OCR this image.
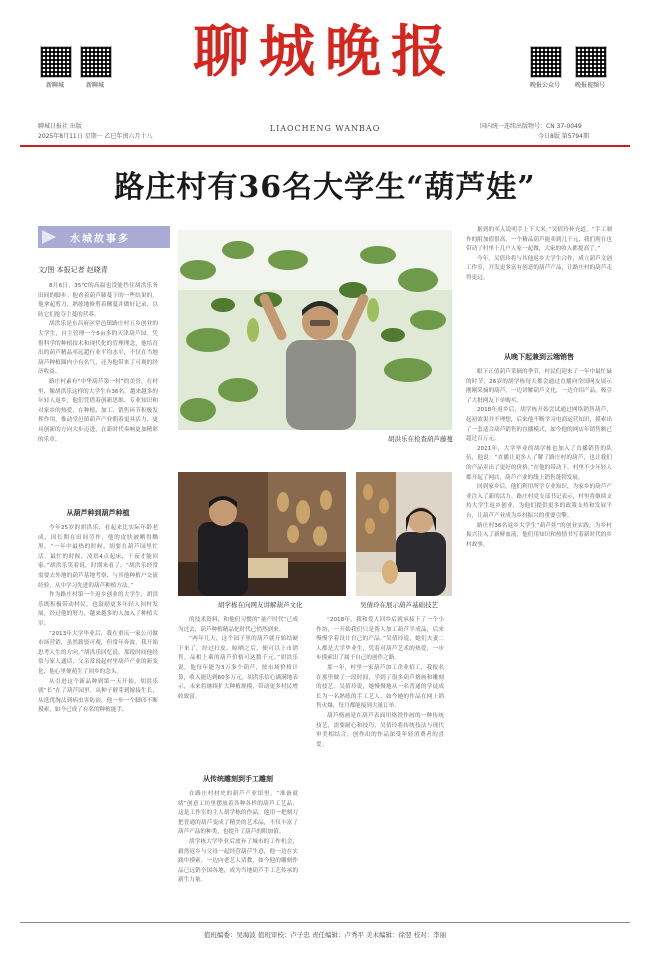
新聊城	新聊城
聊城晚报
晚报公众号	晚报视频号
聊城日报社 出版
2025年8月11日 星期一 乙巳年闰六月十八
LIAOCHENG WANBAO	国内统一连续出版物号：CN 37-0049
今日8版 第5794期
路庄村有36名大学生“葫芦娃”
水城故事多
文/图 本报记者 赵晓青

8月6日，35℃的高温也没能挡住胡洪乐务田间的脚步。他看着葫芦藤蔓下的一些结果的，他拿起剪刀，熟练地修剪着侧蔓并做好记录，以防它们抢夺主蔓的营养。

胡洪乐是东昌府区堂邑镇路庄村五乡创业的大学生，自主管理一个5亩多的天津葫芦园。凭借科学的种植技术和现代化的管理理念，他培育出的葫芦精品率远超行业平均水平，不仅在当地葫芦种植圈内小有名气，还为他带来了可观的经济收益。

路庄村素有“中华葫芦第一村”的美誉，在村里，像胡洪乐这样的大学生有36名。越来越多的年轻人返乡，他们凭借着创新思维、专业知识和对家乡的热爱，在种植、加工、销售环节积极发挥作用，推动堂邑镇葫芦产业朝着更具活力、更具创新的方向大步迈进，在新时代奏响更加精彩的乐章。

从葫芦种到葫芦种植

今年25岁的胡洪乐，看起来比实际年龄老成，因长期在田间劳作，他的皮肤被晒得黝黑。“一年中最热的时候，胡要在葫芦园里忙活，最忙的时候，凌晨4点起床，干夜才能回家。”胡洪乐笑着说，时期来看了，“胡洪乐经常需要去外地的葫芦基地考察，与其他种植户交流经验，从中学习先进的葫芦种植方法。”

作为路庄村第一个返乡创业的大学生，胡洪乐既积极带动村民，也鼓励更多年轻人回村发展，经过他的努力，越来越多的人加入了种植大军。

“2013年大学毕业后，我在重庆一家公司做市场营销，虽然薪资可观，但常年奔波，我开始思考人生的方向。”胡洪乐回忆说，那段时间他经常与家人通话，父亲常说起村里葫芦产业的新变化，他心里便萌生了回乡的念头。

从引进这个新品种到第一天开始，胡洪乐就“长”在了葫芦园里。从种子催芽到嫁接生长，从选优淘汰到病虫害防治，他一步一个脚印不断摸索，如今已成了有名的种植能手。

胡洪乐在检查葫芦藤蔓
胡学栋在向网友讲解葫芦文化	吴倩玲在展示葫芦基础技艺

的技术资料，和他们习惯的“量产时代”已成为过去，葫芦种植精品化时代已悄然到来。

“两年几天，这个园子里的葫芦就开始结硬下来了，经过打皮、晾晒之后，便可以上市销售，品相上乘的葫芦价格可达数千元。”胡洪乐说，他每年能为3万多个葫芦，按市场价格计算，收入能达到60多万元。胡洪乐信心满满地表示，未来将继续扩大种植规模，带动更多村民增收致富。

从传统雕刻到手工雕刻

在路庄村村史的葫芦产业馆里，“准备就绪”创意工坊里摆放着各种各样的葫芦工艺品，这是工作室的主人胡学栋的作品，他用一把刻刀把普通的葫芦变成了精美的艺术品，不仅丰富了葫芦产品的种类，也提升了葫芦的附加值。

胡学栋大学毕业后放弃了城市的工作机会，毅然返乡与父母一起经营葫芦生意，他一边在实践中摸索，一边向老艺人请教，如今他的雕刻作品已远销全国各地，成为当地葫芦手工艺传承的新生力量。

“2018年，我和爱人回乡后就承接下了一个小作坊，一开始我们只是帮人加工葫芦半成品，后来慢慢学着设计自己的产品。”吴倩玲说，她们夫妻二人都是大学毕业生，凭着对葫芦艺术的热爱，一步步摸索出了属于自己的创作之路。

那一年，村里一家葫芦加工企业招工，我报名在那里做了一段时间，学到了很多葫芦烙画和雕刻的技艺。吴倩玲说，她慢慢地从一名普通的学徒成长为一名熟练的手工艺人，如今她的作品在网上销售火爆，每月都能接到大量订单。

葫芦烙画是在葫芦表面用烙铁作画的一种传统技艺，需要耐心和技巧，吴倩玲将传统技法与现代审美相结合，创作出的作品深受年轻消费者的喜爱。

据到的买人说明手上下大米。”吴倩玲补充道，“手工制作的附加值很高，一个精品葫芦能卖到几千元，我们现在也带动了村里十几户人家一起做，大家的收入都提高了。”

今年，吴倩玲将与其他返乡大学生合作，成立葫芦文创工作室，开发更多富有创意的葫芦产品，让路庄村的葫芦走得更远。

从晚下起兼到云端销售

眼下正值葫芦采摘的季节，村民们迎来了一年中最忙碌的时节，26岁的胡学栋每天都会通过直播向全国网友展示刚刚采摘的葫芦，一边讲解葫芦文化，一边介绍产品，吸引了大批网友下单购买。

2018年返乡后，胡学栋开始尝试通过网络销售葫芦，起初效果并不理想，后来他不断学习电商运营知识，摸索出了一套适合葫芦销售的直播模式，如今他的网店年销售额已超过百万元。

2021年，大学毕业的胡学栋也加入了直播销售的队伍，他说：“直播让更多人了解了路庄村的葫芦，也让我们的产品卖出了更好的价格。”在他的带动下，村里不少年轻人都开起了网店，葫芦产业的线上销售蓬勃发展。

回到家乡后，他们利用所学专业知识，为家乡的葫芦产业注入了新的活力。路庄村党支部书记表示，村里将继续支持大学生返乡创业，为他们提供更多的政策支持和发展平台，让葫芦产业成为乡村振兴的重要引擎。

路庄村36名返乡大学生“葫芦娃”的创业实践，为乡村振兴注入了新鲜血液，他们用知识和热情书写着新时代的乡村故事。

值班编委：吴海波 值班审校：卢子忠 责任编辑：卢秀平 美术编辑：徐翌 校对：李丽
